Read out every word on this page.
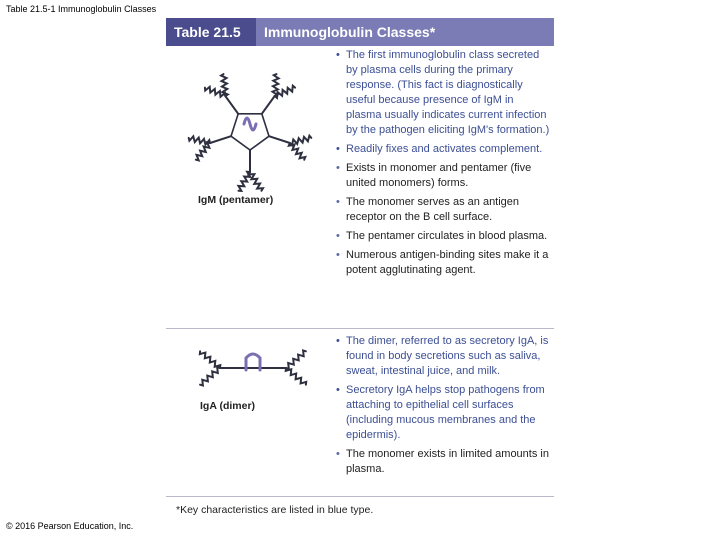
Table 21.5-1 Immunoglobulin Classes
Table 21.5	Immunoglobulin Classes*
IgM (pentamer)
• The first immunoglobulin class secreted by plasma cells during the primary response. (This fact is diagnostically useful because presence of IgM in plasma usually indicates current infection by the pathogen eliciting IgM's formation.)
• Readily fixes and activates complement.
• Exists in monomer and pentamer (five united monomers) forms.
• The monomer serves as an antigen receptor on the B cell surface.
• The pentamer circulates in blood plasma.
• Numerous antigen-binding sites make it a potent agglutinating agent.
IgA (dimer)
• The dimer, referred to as secretory IgA, is found in body secretions such as saliva, sweat, intestinal juice, and milk.
• Secretory IgA helps stop pathogens from attaching to epithelial cell surfaces (including mucous membranes and the epidermis).
• The monomer exists in limited amounts in plasma.
*Key characteristics are listed in blue type.
© 2016 Pearson Education, Inc.
